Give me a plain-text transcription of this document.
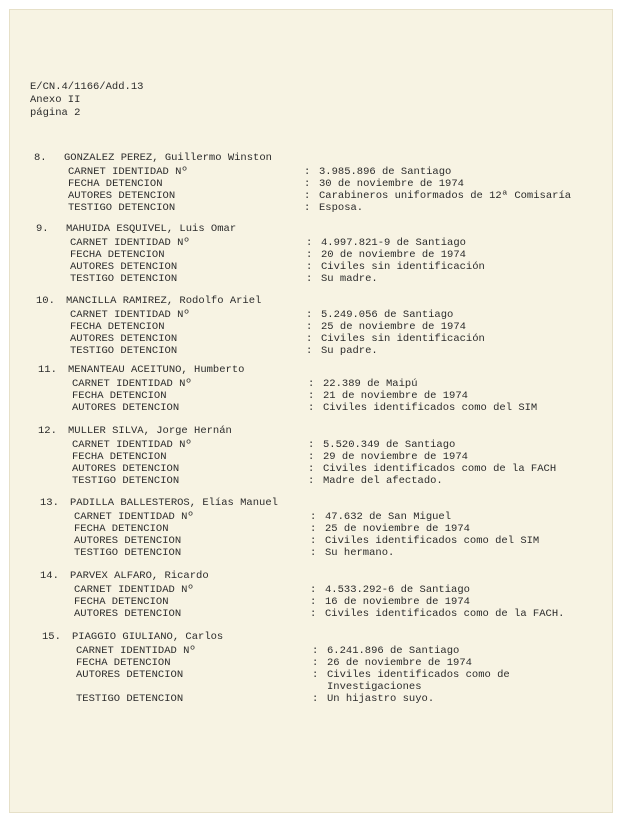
E/CN.4/1166/Add.13
Anexo II
página 2
8.	GONZALEZ PEREZ, Guillermo Winston
CARNET IDENTIDAD Nº	: 3.985.896 de Santiago
FECHA DETENCION	: 30 de noviembre de 1974
AUTORES DETENCION	: Carabineros uniformados de 12ª Comisaría
TESTIGO DETENCION	: Esposa.
9.	MAHUIDA ESQUIVEL, Luis Omar
CARNET IDENTIDAD Nº	: 4.997.821-9 de Santiago
FECHA DETENCION	: 20 de noviembre de 1974
AUTORES DETENCION	: Civiles sin identificación
TESTIGO DETENCION	: Su madre.
10.	MANCILLA RAMIREZ, Rodolfo Ariel
CARNET IDENTIDAD Nº	: 5.249.056 de Santiago
FECHA DETENCION	: 25 de noviembre de 1974
AUTORES DETENCION	: Civiles sin identificación
TESTIGO DETENCION	: Su padre.
11.	MENANTEAU ACEITUNO, Humberto
CARNET IDENTIDAD Nº	: 22.389 de Maipú
FECHA DETENCION	: 21 de noviembre de 1974
AUTORES DETENCION	: Civiles identificados como del SIM
12.	MULLER SILVA, Jorge Hernán
CARNET IDENTIDAD Nº	: 5.520.349 de Santiago
FECHA DETENCION	: 29 de noviembre de 1974
AUTORES DETENCION	: Civiles identificados como de la FACH
TESTIGO DETENCION	: Madre del afectado.
13.	PADILLA BALLESTEROS, Elías Manuel
CARNET IDENTIDAD Nº	: 47.632 de San Miguel
FECHA DETENCION	: 25 de noviembre de 1974
AUTORES DETENCION	: Civiles identificados como del SIM
TESTIGO DETENCION	: Su hermano.
14.	PARVEX ALFARO, Ricardo
CARNET IDENTIDAD Nº	: 4.533.292-6 de Santiago
FECHA DETENCION	: 16 de noviembre de 1974
AUTORES DETENCION	: Civiles identificados como de la FACH.
15.	PIAGGIO GIULIANO, Carlos
CARNET IDENTIDAD Nº	: 6.241.896 de Santiago
FECHA DETENCION	: 26 de noviembre de 1974
AUTORES DETENCION	: Civiles identificados como de
Investigaciones
TESTIGO DETENCION	: Un hijastro suyo.
